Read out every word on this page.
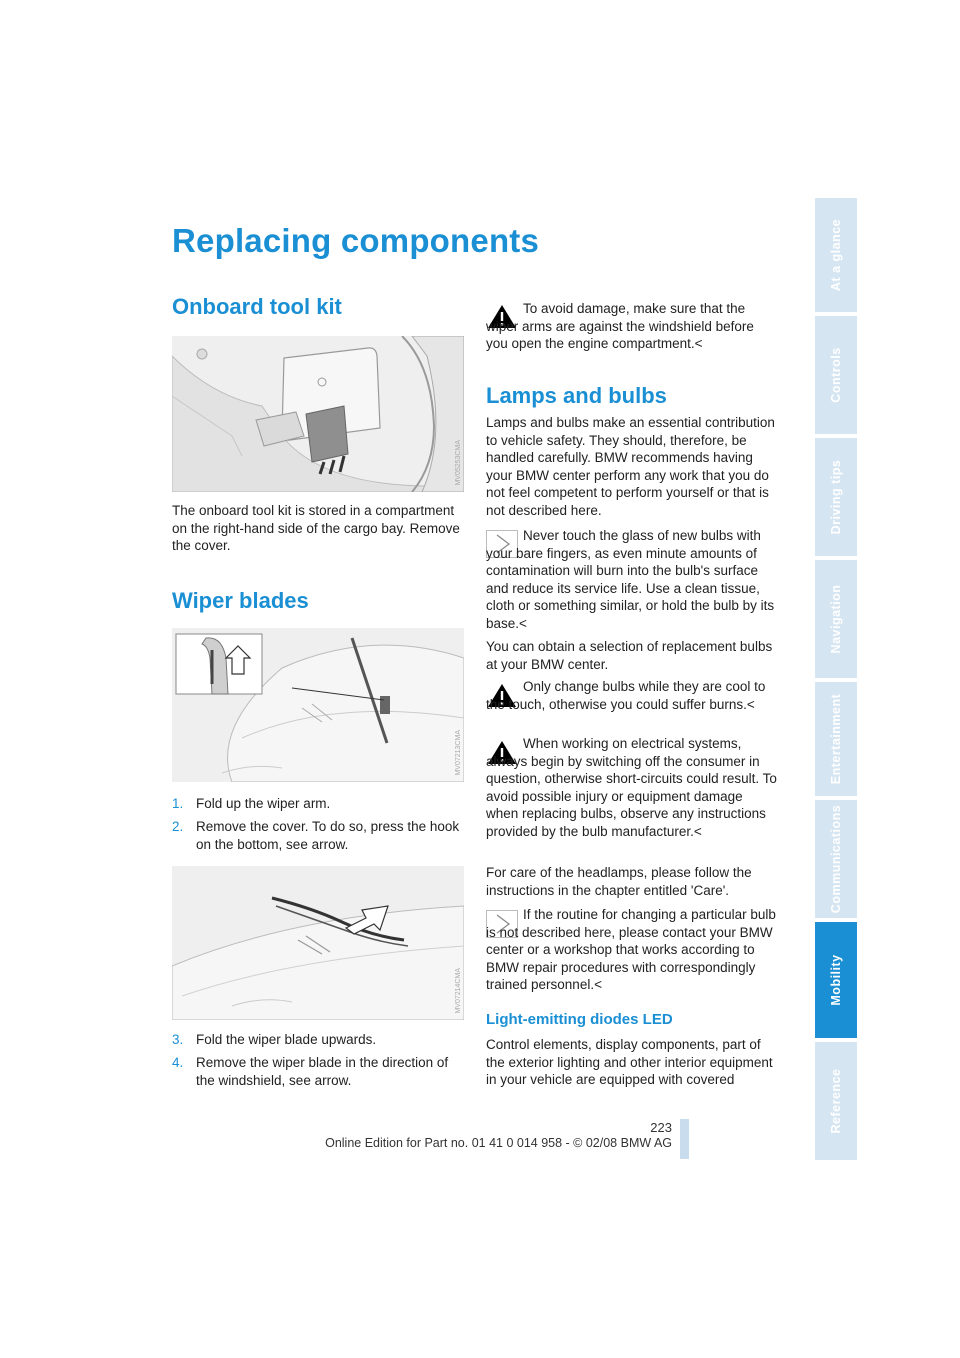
Replacing components
Onboard tool kit
MV05253CMA

The onboard tool kit is stored in a compartment on the right-hand side of the cargo bay. Remove the cover.

Wiper blades
MV07213CMA
1. Fold up the wiper arm.
2. Remove the cover. To do so, press the hook on the bottom, see arrow.
MV07214CMA
3. Fold the wiper blade upwards.
4. Remove the wiper blade in the direction of the windshield, see arrow.

To avoid damage, make sure that the wiper arms are against the windshield before you open the engine compartment.<

Lamps and bulbs

Lamps and bulbs make an essential contribution to vehicle safety. They should, therefore, be handled carefully. BMW recommends having your BMW center perform any work that you do not feel competent to perform yourself or that is not described here.

Never touch the glass of new bulbs with your bare fingers, as even minute amounts of contamination will burn into the bulb's surface and reduce its service life. Use a clean tissue, cloth or something similar, or hold the bulb by its base.<

You can obtain a selection of replacement bulbs at your BMW center.

Only change bulbs while they are cool to the touch, otherwise you could suffer burns.<

When working on electrical systems, always begin by switching off the consumer in question, otherwise short-circuits could result. To avoid possible injury or equipment damage when replacing bulbs, observe any instructions provided by the bulb manufacturer.<

For care of the headlamps, please follow the instructions in the chapter entitled 'Care'.

If the routine for changing a particular bulb is not described here, please contact your BMW center or a workshop that works according to BMW repair procedures with correspondingly trained personnel.<

Light-emitting diodes LED

Control elements, display components, part of the exterior lighting and other interior equipment in your vehicle are equipped with covered

223
Online Edition for Part no. 01 41 0 014 958 - © 02/08 BMW AG
At a glance
Controls
Driving tips
Navigation
Entertainment
Communications
Mobility
Reference
